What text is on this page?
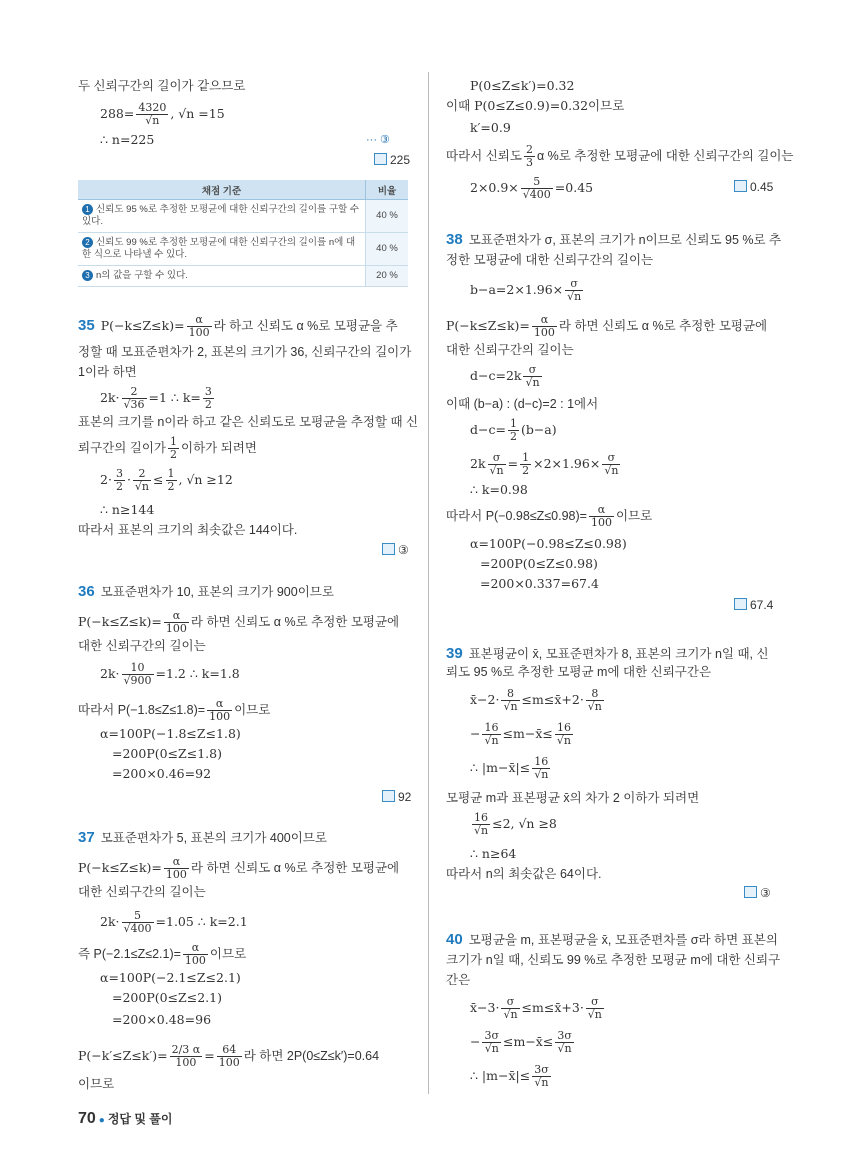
두 신뢰구간의 길이가 같으므로
$288= \frac{4320}{√n}$ , √n =15
∴ n=225	··· ③
225
채점 기준	비율
1 신뢰도 95 %로 추정한 모평균에 대한 신뢰구간의 길이를 구할 수 있다.	40 %
2 신뢰도 99 %로 추정한 모평균에 대한 신뢰구간의 길이를 n에 대한 식으로 나타낼 수 있다.	40 %
3 n의 값을 구할 수 있다.	20 %
35 $P(-k\le Z\le k)= \frac{\alpha}{100}$ 라 하고 신뢰도 α %로 모평균을 추
정할 때 모표준편차가 2, 표본의 크기가 36, 신뢰구간의 길이가
1이라 하면
$2k\cdot \frac{2}{√36} =1$ ∴ $k= \frac{3}{2}$
표본의 크기를 n이라 하고 같은 신뢰도로 모평균을 추정할 때 신
뢰구간의 길이가 $\frac{1}{2}$ 이하가 되려면
$2\cdot \frac{3}{2} \cdot \frac{2}{√n} \le \frac{1}{2}$ , √n ≥12
∴ n≥144
따라서 표본의 크기의 최솟값은 144이다.
③
36 모표준편차가 10, 표본의 크기가 900이므로
$P(-k\le Z\le k)= \frac{\alpha}{100}$ 라 하면 신뢰도 α %로 추정한 모평균에
대한 신뢰구간의 길이는
$2k\cdot \frac{10}{√900} =1.2$ ∴ k=1.8
따라서 $P(-1.8\le Z\le 1.8)= \frac{\alpha}{100}$ 이므로
α=100P(−1.8≤Z≤1.8)
=200P(0≤Z≤1.8)
=200×0.46=92
92
37 모표준편차가 5, 표본의 크기가 400이므로
$P(-k\le Z\le k)= \frac{\alpha}{100}$ 라 하면 신뢰도 α %로 추정한 모평균에
대한 신뢰구간의 길이는
$2k\cdot \frac{5}{√400} =1.05$ ∴ k=2.1
즉 $P(-2.1\le Z\le 2.1)= \frac{\alpha}{100}$ 이므로
α=100P(−2.1≤Z≤2.1)
=200P(0≤Z≤2.1)
=200×0.48=96
$P(-k'\le Z\le k')= \frac{2/3 \alpha}{100} = \frac{64}{100}$ 라 하면 2P(0≤Z≤k′)=0.64
이므로
P(0≤Z≤k′)=0.32
이때 P(0≤Z≤0.9)=0.32이므로
k′=0.9
따라서 신뢰도 $\frac{2}{3}$ α %로 추정한 모평균에 대한 신뢰구간의 길이는
$2\times 0.9\times \frac{5}{√400} =0.45$	0.45
38 모표준편차가 σ, 표본의 크기가 n이므로 신뢰도 95 %로 추
정한 모평균에 대한 신뢰구간의 길이는
$b-a=2\times 1.96\times \frac{\sigma}{√n}$
$P(-k\le Z\le k)= \frac{\alpha}{100}$ 라 하면 신뢰도 α %로 추정한 모평균에
대한 신뢰구간의 길이는
$d-c=2k \frac{\sigma}{√n}$
이때 (b−a) : (d−c)=2 : 1에서
$d-c= \frac{1}{2} (b-a)$
$2k \frac{\sigma}{√n} = \frac{1}{2} \times 2\times 1.96\times \frac{\sigma}{√n}$
∴ k=0.98
따라서 $P(-0.98\le Z\le 0.98)= \frac{\alpha}{100}$ 이므로
α=100P(−0.98≤Z≤0.98)
=200P(0≤Z≤0.98)
=200×0.337=67.4
67.4
39 표본평균이 x̄, 모표준편차가 8, 표본의 크기가 n일 때, 신
뢰도 95 %로 추정한 모평균 m에 대한 신뢰구간은
x̄−2· $\frac{8}{√n}$ ≤m≤x̄+2· $\frac{8}{√n}$
− $\frac{16}{√n}$ ≤m−x̄≤ $\frac{16}{√n}$
∴ |m−x̄|≤ $\frac{16}{√n}$
모평균 m과 표본평균 x̄의 차가 2 이하가 되려면
$\frac{16}{√n} \le 2$, √n ≥8
∴ n≥64
따라서 n의 최솟값은 64이다.
③
40 모평균을 m, 표본평균을 x̄, 모표준편차를 σ라 하면 표본의
크기가 n일 때, 신뢰도 99 %로 추정한 모평균 m에 대한 신뢰구
간은
x̄−3· $\frac{\sigma}{√n}$ ≤m≤x̄+3· $\frac{\sigma}{√n}$
− $\frac{3\sigma}{√n}$ ≤m−x̄≤ $\frac{3\sigma}{√n}$
∴ |m−x̄|≤ $\frac{3\sigma}{√n}$
70 ● 정답 및 풀이
